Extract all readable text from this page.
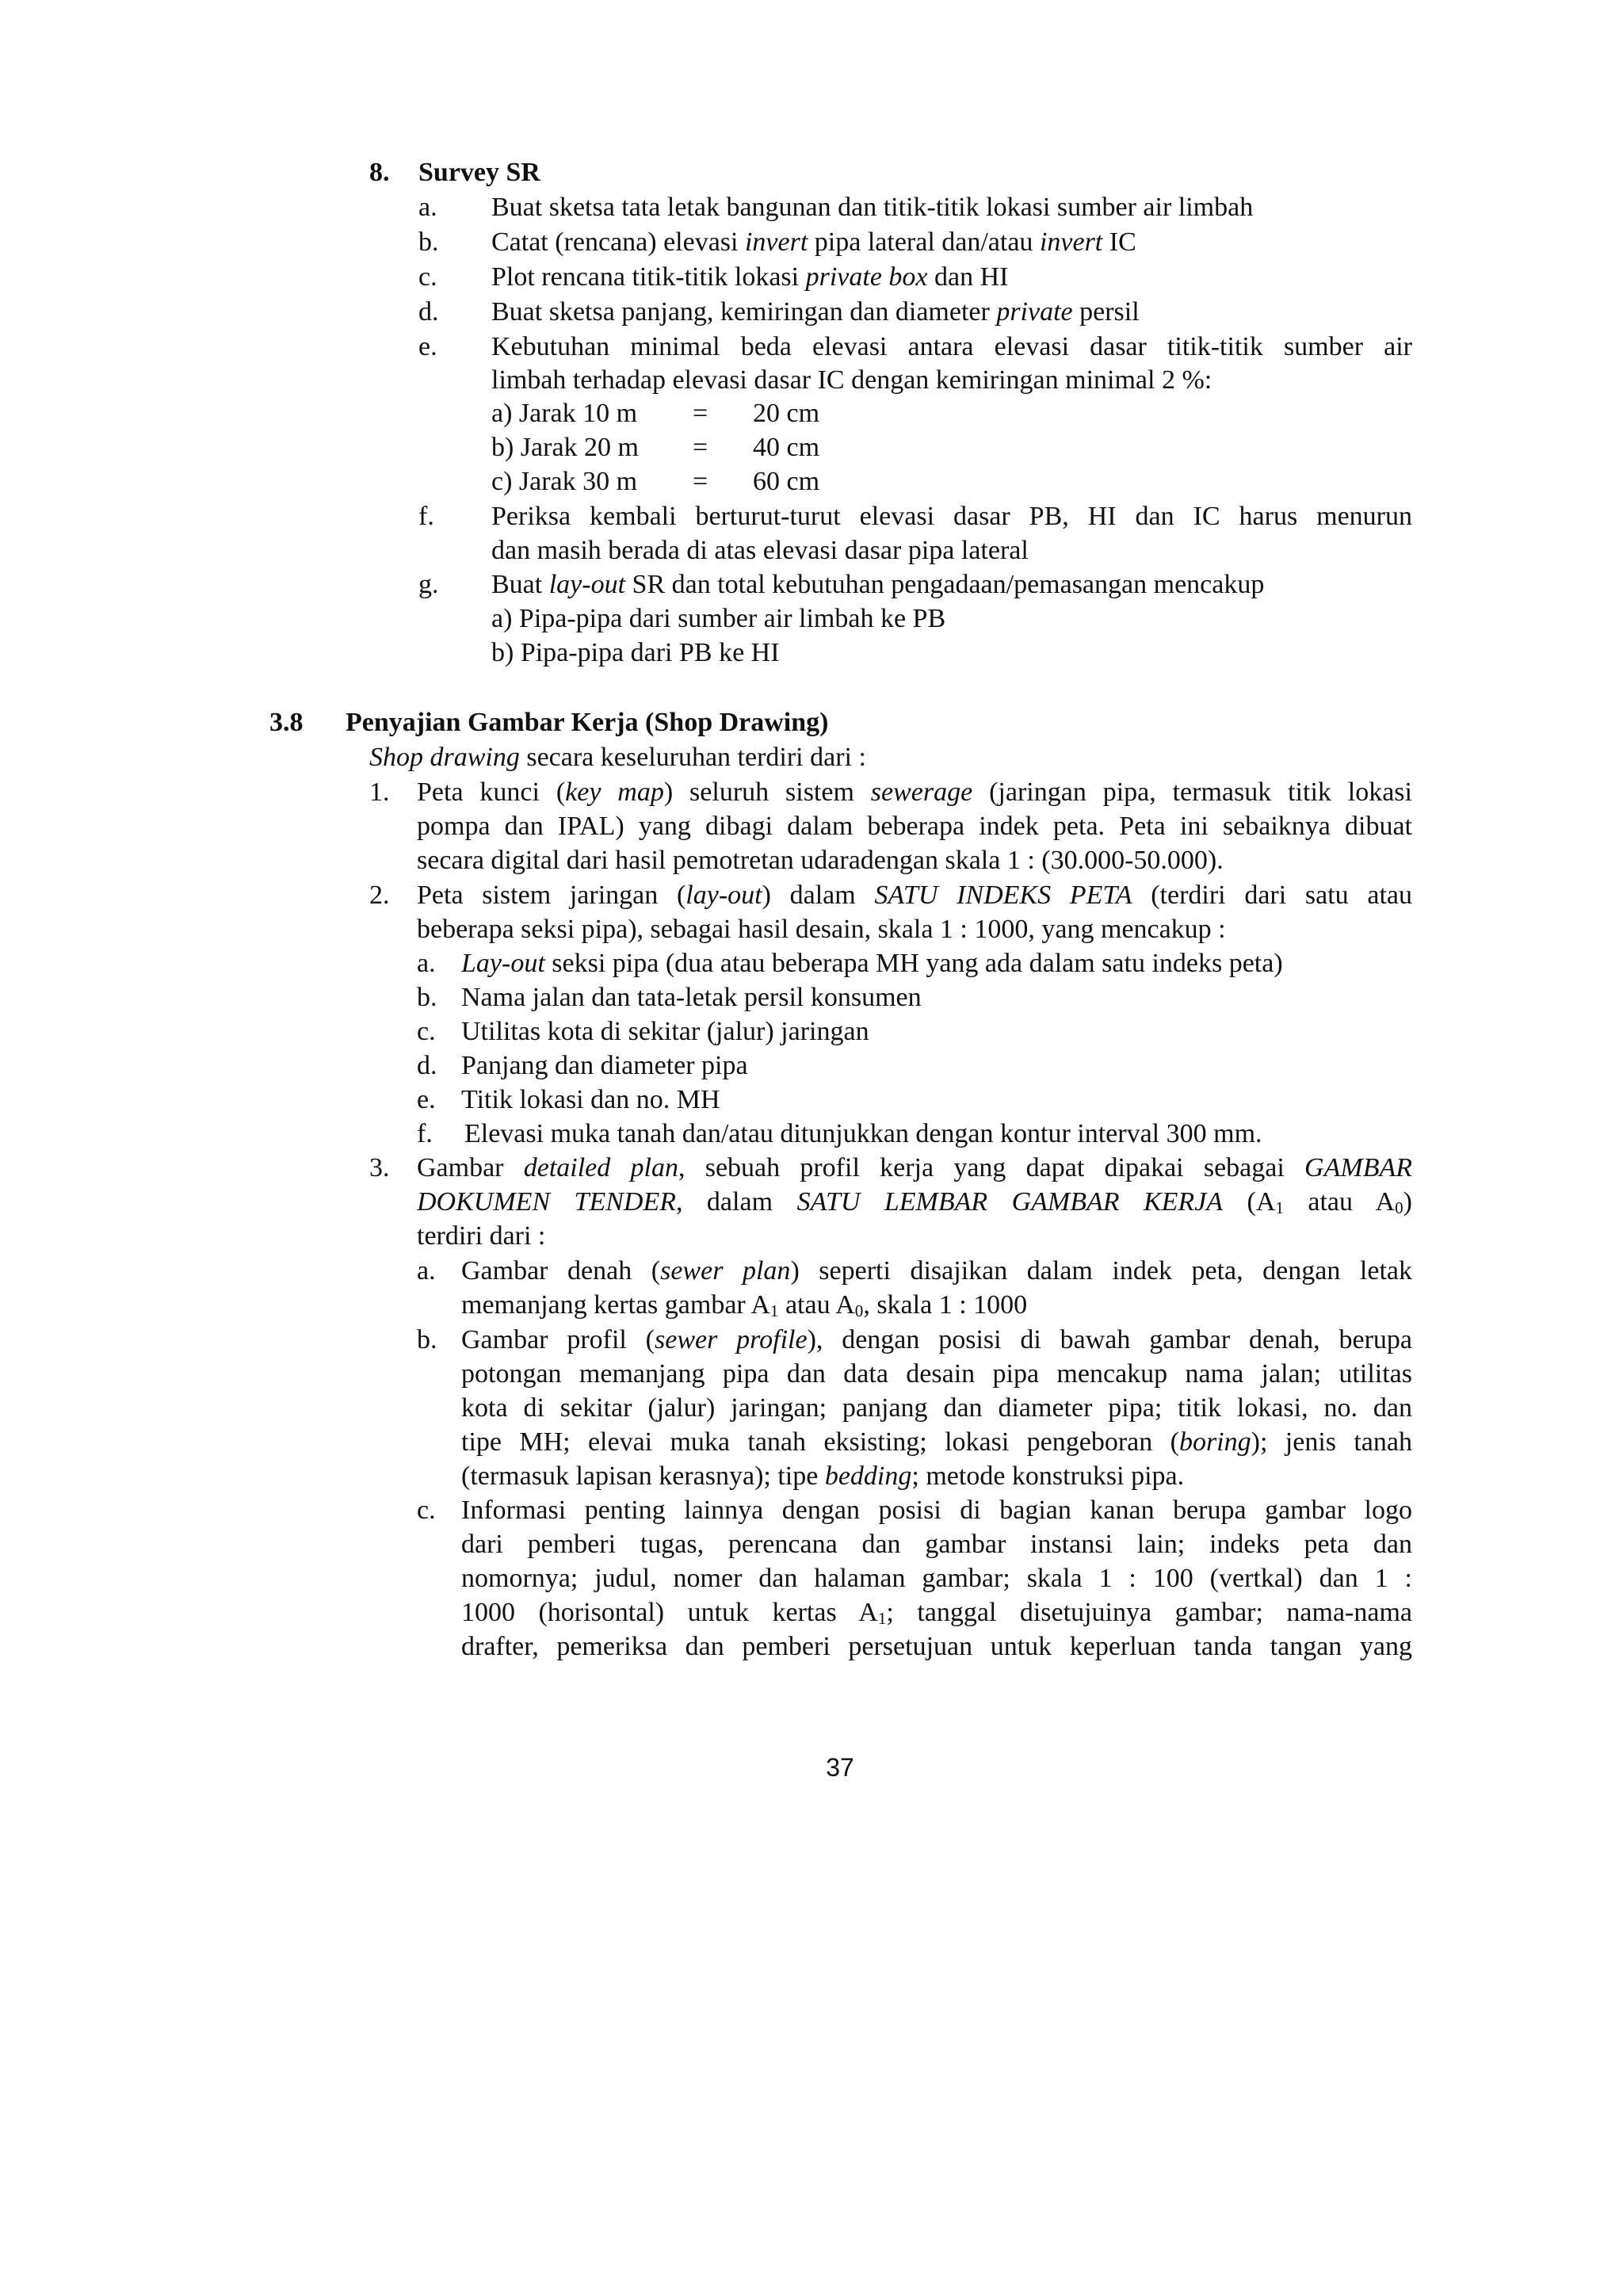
8. Survey SR
a. Buat sketsa tata letak bangunan dan titik-titik lokasi sumber air limbah
b. Catat (rencana) elevasi invert pipa lateral dan/atau invert IC
c. Plot rencana titik-titik lokasi private box dan HI
d. Buat sketsa panjang, kemiringan dan diameter private persil
e. Kebutuhan minimal beda elevasi antara elevasi dasar titik-titik sumber air
limbah terhadap elevasi dasar IC dengan kemiringan minimal 2 %:
a) Jarak 10 m = 20 cm
b) Jarak 20 m = 40 cm
c) Jarak 30 m = 60 cm
f. Periksa kembali berturut-turut elevasi dasar PB, HI dan IC harus menurun
dan masih berada di atas elevasi dasar pipa lateral
g. Buat lay-out SR dan total kebutuhan pengadaan/pemasangan mencakup
a) Pipa-pipa dari sumber air limbah ke PB
b) Pipa-pipa dari PB ke HI
3.8 Penyajian Gambar Kerja (Shop Drawing)
Shop drawing secara keseluruhan terdiri dari :
1. Peta kunci (key map) seluruh sistem sewerage (jaringan pipa, termasuk titik lokasi
pompa dan IPAL) yang dibagi dalam beberapa indek peta. Peta ini sebaiknya dibuat
secara digital dari hasil pemotretan udaradengan skala 1 : (30.000-50.000).
2. Peta sistem jaringan (lay-out) dalam SATU INDEKS PETA (terdiri dari satu atau
beberapa seksi pipa), sebagai hasil desain, skala 1 : 1000, yang mencakup :
a. Lay-out seksi pipa (dua atau beberapa MH yang ada dalam satu indeks peta)
b. Nama jalan dan tata-letak persil konsumen
c. Utilitas kota di sekitar (jalur) jaringan
d. Panjang dan diameter pipa
e. Titik lokasi dan no. MH
f. Elevasi muka tanah dan/atau ditunjukkan dengan kontur interval 300 mm.
3. Gambar detailed plan, sebuah profil kerja yang dapat dipakai sebagai GAMBAR
DOKUMEN TENDER, dalam SATU LEMBAR GAMBAR KERJA ($A_1$ atau $A_0$)
terdiri dari :
a. Gambar denah (sewer plan) seperti disajikan dalam indek peta, dengan letak
memanjang kertas gambar $A_1$ atau $A_0$, skala 1 : 1000
b. Gambar profil (sewer profile), dengan posisi di bawah gambar denah, berupa
potongan memanjang pipa dan data desain pipa mencakup nama jalan; utilitas
kota di sekitar (jalur) jaringan; panjang dan diameter pipa; titik lokasi, no. dan
tipe MH; elevai muka tanah eksisting; lokasi pengeboran (boring); jenis tanah
(termasuk lapisan kerasnya); tipe bedding; metode konstruksi pipa.
c. Informasi penting lainnya dengan posisi di bagian kanan berupa gambar logo
dari pemberi tugas, perencana dan gambar instansi lain; indeks peta dan
nomornya; judul, nomer dan halaman gambar; skala 1 : 100 (vertkal) dan 1 :
1000 (horisontal) untuk kertas $A_1$; tanggal disetujuinya gambar; nama-nama
drafter, pemeriksa dan pemberi persetujuan untuk keperluan tanda tangan yang
37
